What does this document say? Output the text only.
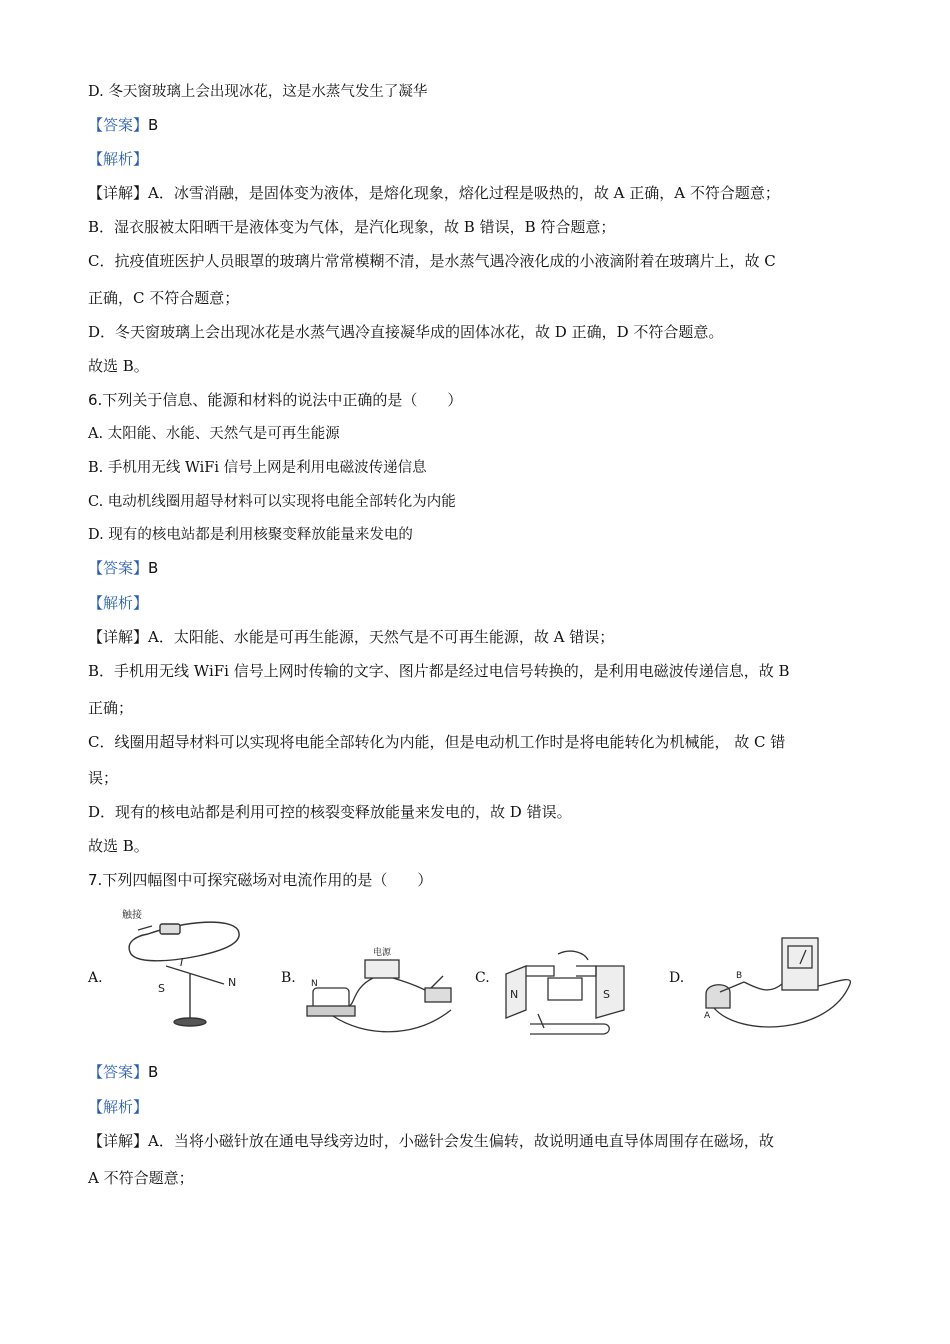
D. 冬天窗玻璃上会出现冰花，这是水蒸气发生了凝华
【答案】B
【解析】
【详解】A．冰雪消融，是固体变为液体，是熔化现象，熔化过程是吸热的，故 A 正确，A 不符合题意；
B．湿衣服被太阳晒干是液体变为气体，是汽化现象，故 B 错误，B 符合题意；
C．抗疫值班医护人员眼罩的玻璃片常常模糊不清，是水蒸气遇冷液化成的小液滴附着在玻璃片上，故 C
正确，C 不符合题意；
D．冬天窗玻璃上会出现冰花是水蒸气遇冷直接凝华成的固体冰花，故 D 正确，D 不符合题意。
故选 B。
6.下列关于信息、能源和材料的说法中正确的是（　　）
A. 太阳能、水能、天然气是可再生能源
B. 手机用无线 WiFi 信号上网是利用电磁波传递信息
C. 电动机线圈用超导材料可以实现将电能全部转化为内能
D. 现有的核电站都是利用核聚变释放能量来发电的
【答案】B
【解析】
【详解】A．太阳能、水能是可再生能源，天然气是不可再生能源，故 A 错误；
B．手机用无线 WiFi 信号上网时传输的文字、图片都是经过电信号转换的，是利用电磁波传递信息，故 B
正确；
C．线圈用超导材料可以实现将电能全部转化为内能，但是电动机工作时是将电能转化为机械能， 故 C 错
误；
D．现有的核电站都是利用可控的核裂变释放能量来发电的，故 D 错误。
故选 B。
7.下列四幅图中可探究磁场对电流作用的是（　　）
A.	B.	C.	D.
触接
I
S	N
电源
N
N	S
B
A
【答案】B
【解析】
【详解】A．当将小磁针放在通电导线旁边时，小磁针会发生偏转，故说明通电直导体周围存在磁场，故
A 不符合题意；
